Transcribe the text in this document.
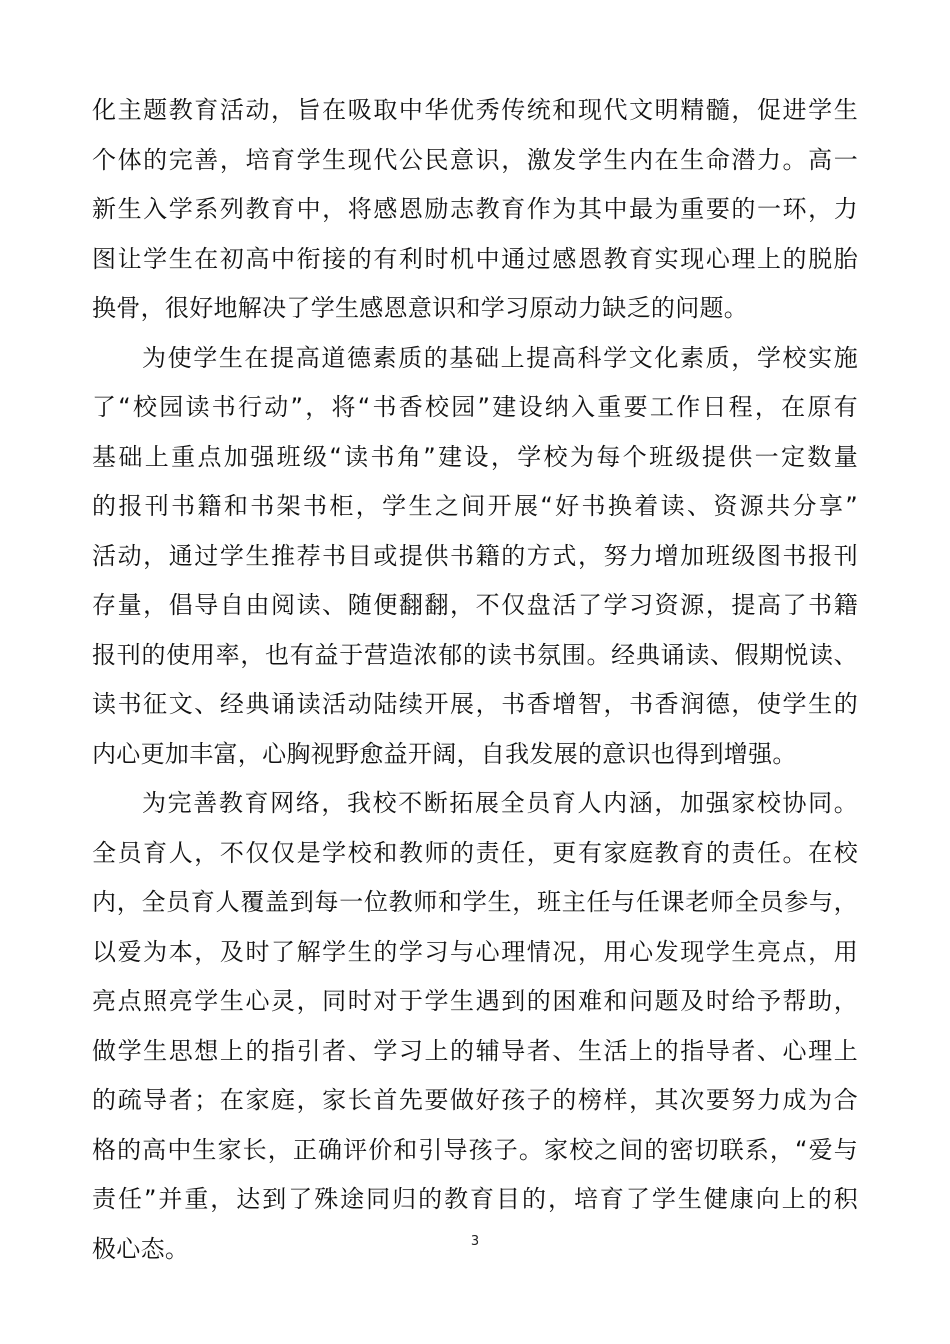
化主题教育活动，旨在吸取中华优秀传统和现代文明精髓，促进学生
个体的完善，培育学生现代公民意识，激发学生内在生命潜力。高一
新生入学系列教育中，将感恩励志教育作为其中最为重要的一环，力
图让学生在初高中衔接的有利时机中通过感恩教育实现心理上的脱胎
换骨，很好地解决了学生感恩意识和学习原动力缺乏的问题。
为使学生在提高道德素质的基础上提高科学文化素质，学校实施
了“校园读书行动”，将“书香校园”建设纳入重要工作日程，在原有
基础上重点加强班级“读书角”建设，学校为每个班级提供一定数量
的报刊书籍和书架书柜，学生之间开展“好书换着读、资源共分享”
活动，通过学生推荐书目或提供书籍的方式，努力增加班级图书报刊
存量，倡导自由阅读、随便翻翻，不仅盘活了学习资源，提高了书籍
报刊的使用率，也有益于营造浓郁的读书氛围。经典诵读、假期悦读、
读书征文、经典诵读活动陆续开展，书香增智，书香润德，使学生的
内心更加丰富，心胸视野愈益开阔，自我发展的意识也得到增强。
为完善教育网络，我校不断拓展全员育人内涵，加强家校协同。
全员育人，不仅仅是学校和教师的责任，更有家庭教育的责任。在校
内，全员育人覆盖到每一位教师和学生，班主任与任课老师全员参与，
以爱为本，及时了解学生的学习与心理情况，用心发现学生亮点，用
亮点照亮学生心灵，同时对于学生遇到的困难和问题及时给予帮助，
做学生思想上的指引者、学习上的辅导者、生活上的指导者、心理上
的疏导者；在家庭，家长首先要做好孩子的榜样，其次要努力成为合
格的高中生家长，正确评价和引导孩子。家校之间的密切联系，“爱与
责任”并重，达到了殊途同归的教育目的，培育了学生健康向上的积
极心态。	3
